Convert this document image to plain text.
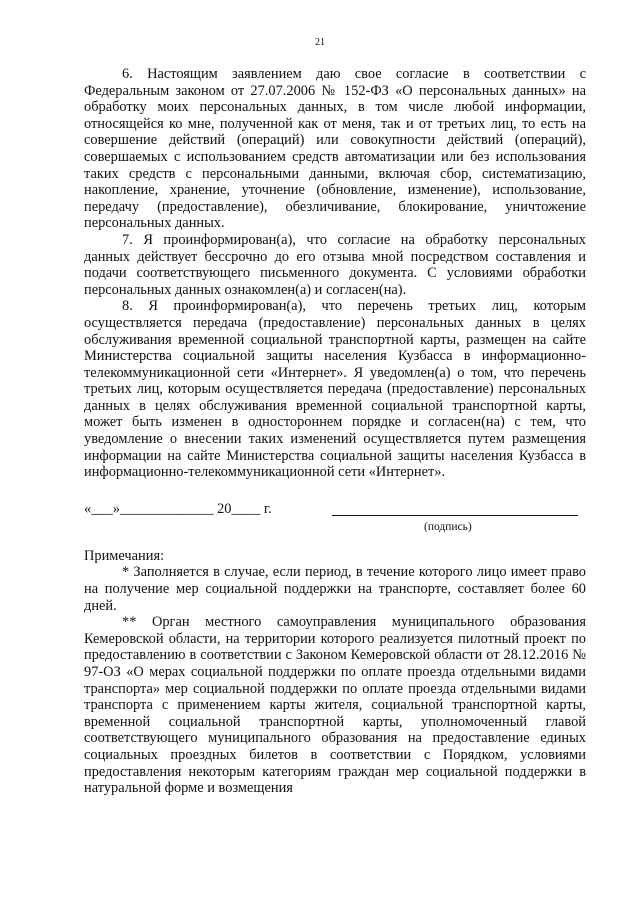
21

6. Настоящим заявлением даю свое согласие в соответствии с Федеральным законом от 27.07.2006 № 152-ФЗ «О персональных данных» на обработку моих персональных данных, в том числе любой информации, относящейся ко мне, полученной как от меня, так и от третьих лиц, то есть на совершение действий (операций) или совокупности действий (операций), совершаемых с использованием средств автоматизации или без использования таких средств с персональными данными, включая сбор, систематизацию, накопление, хранение, уточнение (обновление, изменение), использование, передачу (предоставление), обезличивание, блокирование, уничтожение персональных данных.

7. Я проинформирован(а), что согласие на обработку персональных данных действует бессрочно до его отзыва мной посредством составления и подачи соответствующего письменного документа. С условиями обработки персональных данных ознакомлен(а) и согласен(на).

8. Я проинформирован(а), что перечень третьих лиц, которым осуществляется передача (предоставление) персональных данных в целях обслуживания временной социальной транспортной карты, размещен на сайте Министерства социальной защиты населения Кузбасса в информационно-телекоммуникационной сети «Интернет». Я уведомлен(а) о том, что перечень третьих лиц, которым осуществляется передача (предоставление) персональных данных в целях обслуживания временной социальной транспортной карты, может быть изменен в одностороннем порядке и согласен(на) с тем, что уведомление о внесении таких изменений осуществляется путем размещения информации на сайте Министерства социальной защиты населения Кузбасса в информационно-телекоммуникационной сети «Интернет».

«___»_____________ 20____ г.
(подпись)

Примечания:

* Заполняется в случае, если период, в течение которого лицо имеет право на получение мер социальной поддержки на транспорте, составляет более 60 дней.

** Орган местного самоуправления муниципального образования Кемеровской области, на территории которого реализуется пилотный проект по предоставлению в соответствии с Законом Кемеровской области от 28.12.2016 № 97-ОЗ «О мерах социальной поддержки по оплате проезда отдельными видами транспорта» мер социальной поддержки по оплате проезда отдельными видами транспорта с применением карты жителя, социальной транспортной карты, временной социальной транспортной карты, уполномоченный главой соответствующего муниципального образования на предоставление единых социальных проездных билетов в соответствии с Порядком, условиями предоставления некоторым категориям граждан мер социальной поддержки в натуральной форме и возмещения
